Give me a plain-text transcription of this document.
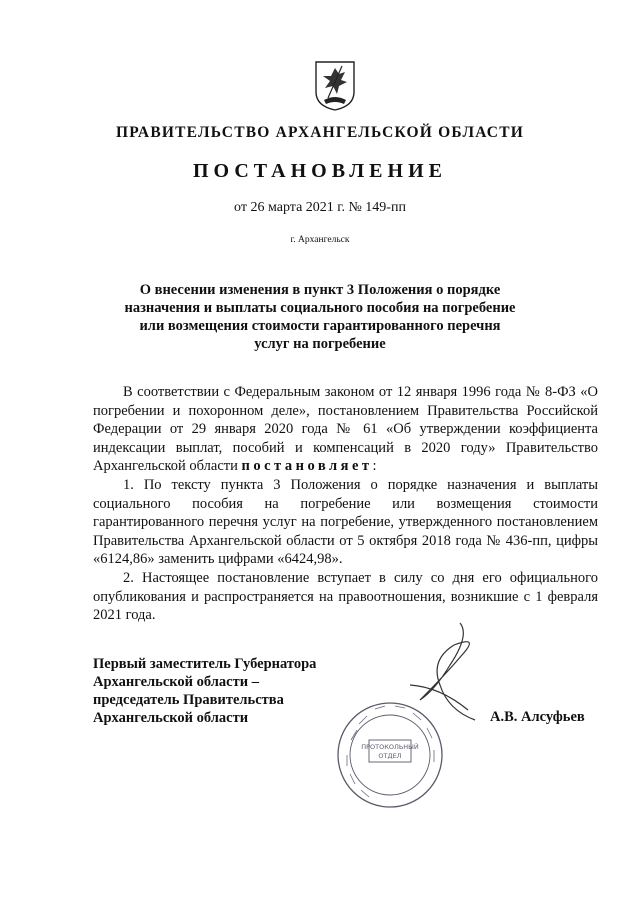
ПРАВИТЕЛЬСТВО АРХАНГЕЛЬСКОЙ ОБЛАСТИ
ПОСТАНОВЛЕНИЕ
от 26 марта 2021 г. № 149-пп
г. Архангельск
О внесении изменения в пункт 3 Положения о порядке
назначения и выплаты социального пособия на погребение
или возмещения стоимости гарантированного перечня
услуг на погребение

В соответствии с Федеральным законом от 12 января 1996 года № 8-ФЗ «О погребении и похоронном деле», постановлением Правительства Российской Федерации от 29 января 2020 года № 61 «Об утверждении коэффициента индексации выплат, пособий и компенсаций в 2020 году» Правительство Архангельской области постановляет:

1. По тексту пункта 3 Положения о порядке назначения и выплаты социального пособия на погребение или возмещения стоимости гарантированного перечня услуг на погребение, утвержденного постановлением Правительства Архангельской области от 5 октября 2018 года № 436-пп, цифры «6124,86» заменить цифрами «6424,98».

2. Настоящее постановление вступает в силу со дня его официального опубликования и распространяется на правоотношения, возникшие с 1 февраля 2021 года.

Первый заместитель Губернатора
Архангельской области –
председатель Правительства
Архангельской области
ПРОТОКОЛЬНЫЙ
ОТДЕЛ
А.В. Алсуфьев
